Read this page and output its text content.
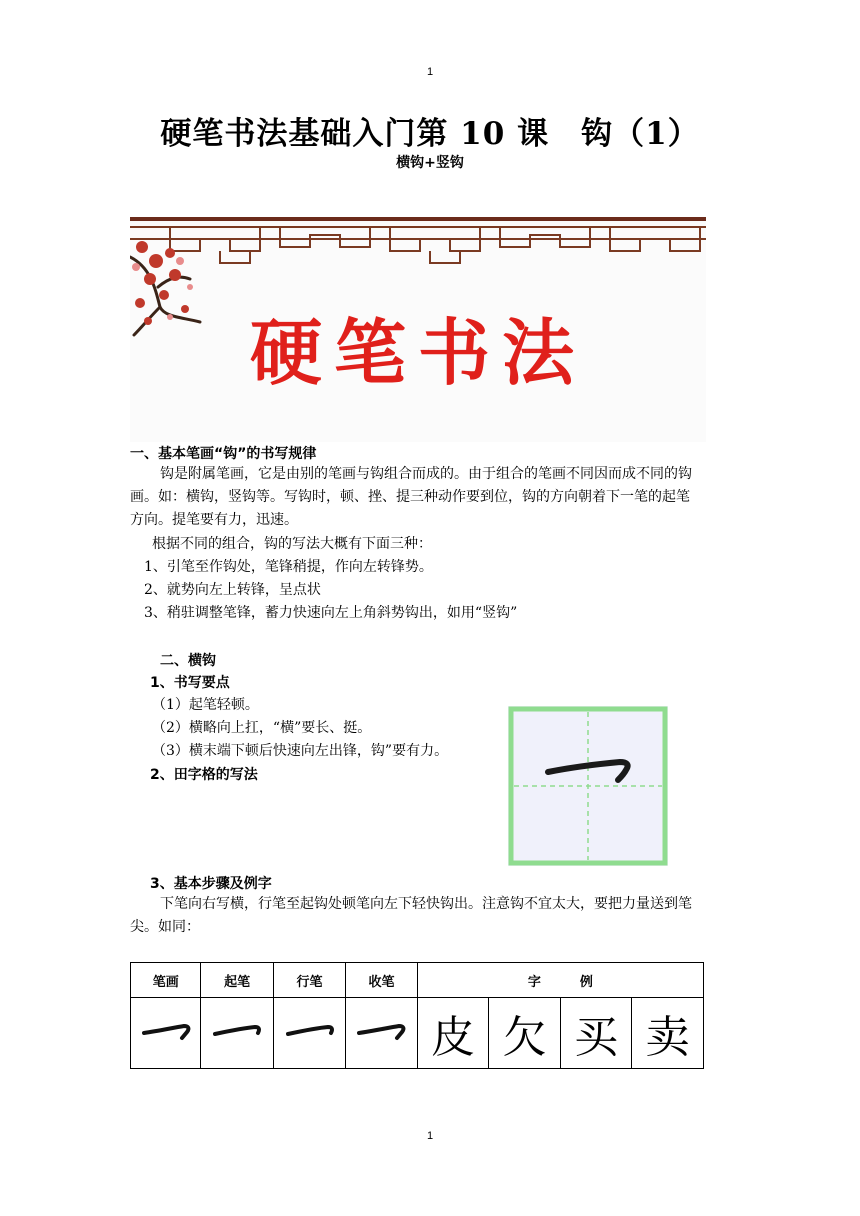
1
1
硬笔书法基础入门第 10 课　钩（1）
横钩+竖钩
硬笔书法
一、基本笔画“钩”的书写规律
钩是附属笔画，它是由别的笔画与钩组合而成的。由于组合的笔画不同因而成不同的钩
画。如：横钩，竖钩等。写钩时，顿、挫、提三种动作要到位，钩的方向朝着下一笔的起笔
方向。提笔要有力，迅速。
根据不同的组合，钩的写法大概有下面三种：
1、引笔至作钩处，笔锋稍提，作向左转锋势。
2、就势向左上转锋，呈点状
3、稍驻调整笔锋，蓄力快速向左上角斜势钩出，如用“竖钩”
二、横钩
1、书写要点
（1）起笔轻顿。
（2）横略向上扛，“横”要长、挺。
（3）横末端下顿后快速向左出锋，钩”要有力。
2、田字格的写法
3、基本步骤及例字
下笔向右写横，行笔至起钩处顿笔向左下轻快钩出。注意钩不宜太大，要把力量送到笔
尖。如同：
笔画	起笔	行笔	收笔	字　　　例			
				皮	欠	买	卖
